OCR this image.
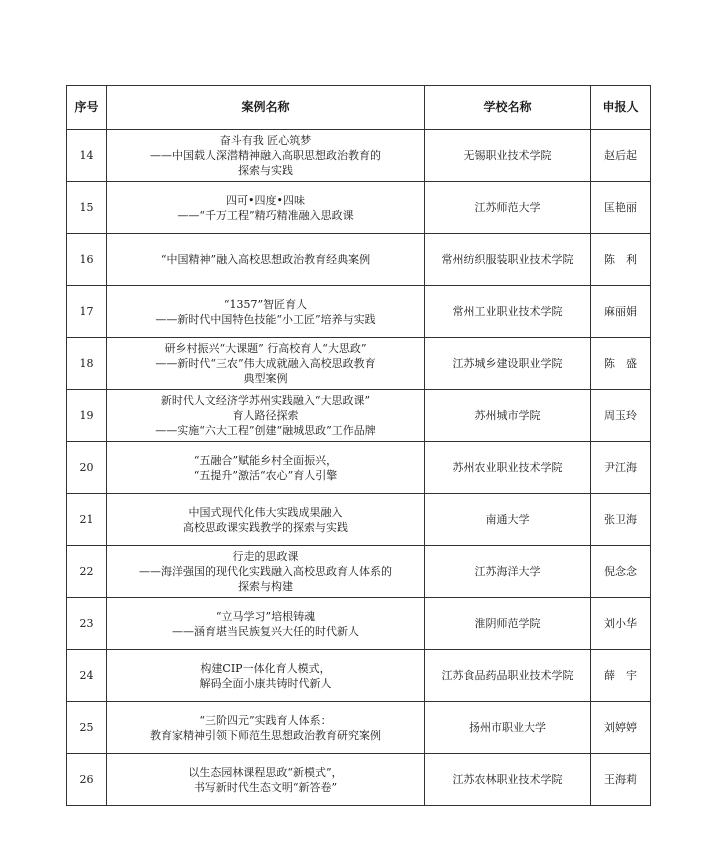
序号	案例名称	学校名称	申报人
14	奋斗有我 匠心筑梦
——中国载人深潜精神融入高职思想政治教育的
探索与实践	无锡职业技术学院	赵后起
15	四可•四度•四味
——“千万工程”精巧精准融入思政课	江苏师范大学	匡艳丽
16	“中国精神”融入高校思想政治教育经典案例	常州纺织服装职业技术学院	陈　利
17	“1357”智匠育人
——新时代中国特色技能“小工匠”培养与实践	常州工业职业技术学院	麻丽娟
18	研乡村振兴“大课题” 行高校育人“大思政”
——新时代“三农”伟大成就融入高校思政教育
典型案例	江苏城乡建设职业学院	陈　盛
19	新时代人文经济学苏州实践融入“大思政课”
育人路径探索
——实施“六大工程”创建“融城思政”工作品牌	苏州城市学院	周玉玲
20	“五融合”赋能乡村全面振兴，
“五提升”激活“农心”育人引擎	苏州农业职业技术学院	尹江海
21	中国式现代化伟大实践成果融入
高校思政课实践教学的探索与实践	南通大学	张卫海
22	行走的思政课
——海洋强国的现代化实践融入高校思政育人体系的
探索与构建	江苏海洋大学	倪念念
23	“立马学习”培根铸魂
——涵育堪当民族复兴大任的时代新人	淮阴师范学院	刘小华
24	构建CIP一体化育人模式，
解码全面小康共铸时代新人	江苏食品药品职业技术学院	薛　宇
25	“三阶四元”实践育人体系：
教育家精神引领下师范生思想政治教育研究案例	扬州市职业大学	刘婷婷
26	以生态园林课程思政“新模式”，
书写新时代生态文明“新答卷”	江苏农林职业技术学院	王海莉
